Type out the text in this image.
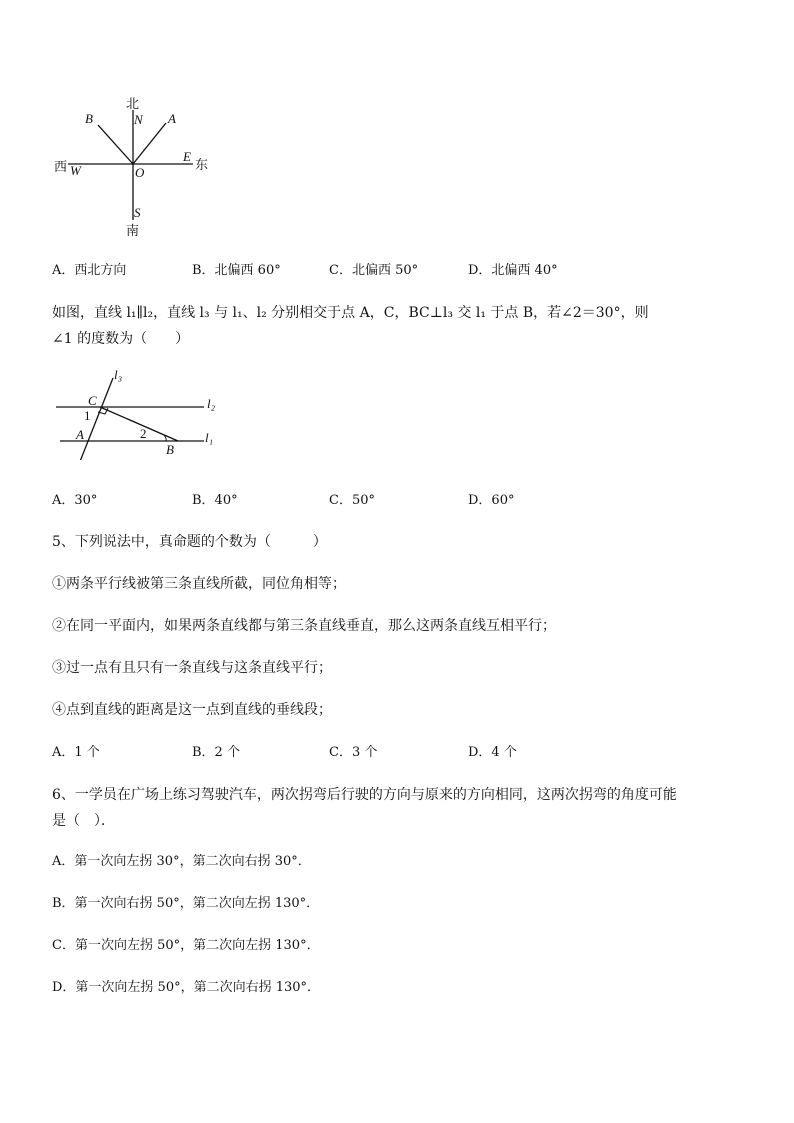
北
N
B	A
西 W	O
E
东
S
南
A．西北方向	B．北偏西 60°	C．北偏西 50°	D．北偏西 40°
如图，直线 l₁∥l₂，直线 l₃ 与 l₁、l₂ 分别相交于点 A，C，BC⊥l₃ 交 l₁ 于点 B，若∠2＝30°，则
∠1 的度数为（　　）
l₃
l₂
l₁
C
1
A	2
B
A．30°	B．40°	C．50°	D．60°
5、下列说法中，真命题的个数为（　　　）
①两条平行线被第三条直线所截，同位角相等；
②在同一平面内，如果两条直线都与第三条直线垂直，那么这两条直线互相平行；
③过一点有且只有一条直线与这条直线平行；
④点到直线的距离是这一点到直线的垂线段；
A．1 个	B．2 个	C．3 个	D．4 个
6、一学员在广场上练习驾驶汽车，两次拐弯后行驶的方向与原来的方向相同，这两次拐弯的角度可能
是（　）．
A．第一次向左拐 30°，第二次向右拐 30°．
B．第一次向右拐 50°，第二次向左拐 130°．
C．第一次向左拐 50°，第二次向左拐 130°．
D．第一次向左拐 50°，第二次向右拐 130°．
